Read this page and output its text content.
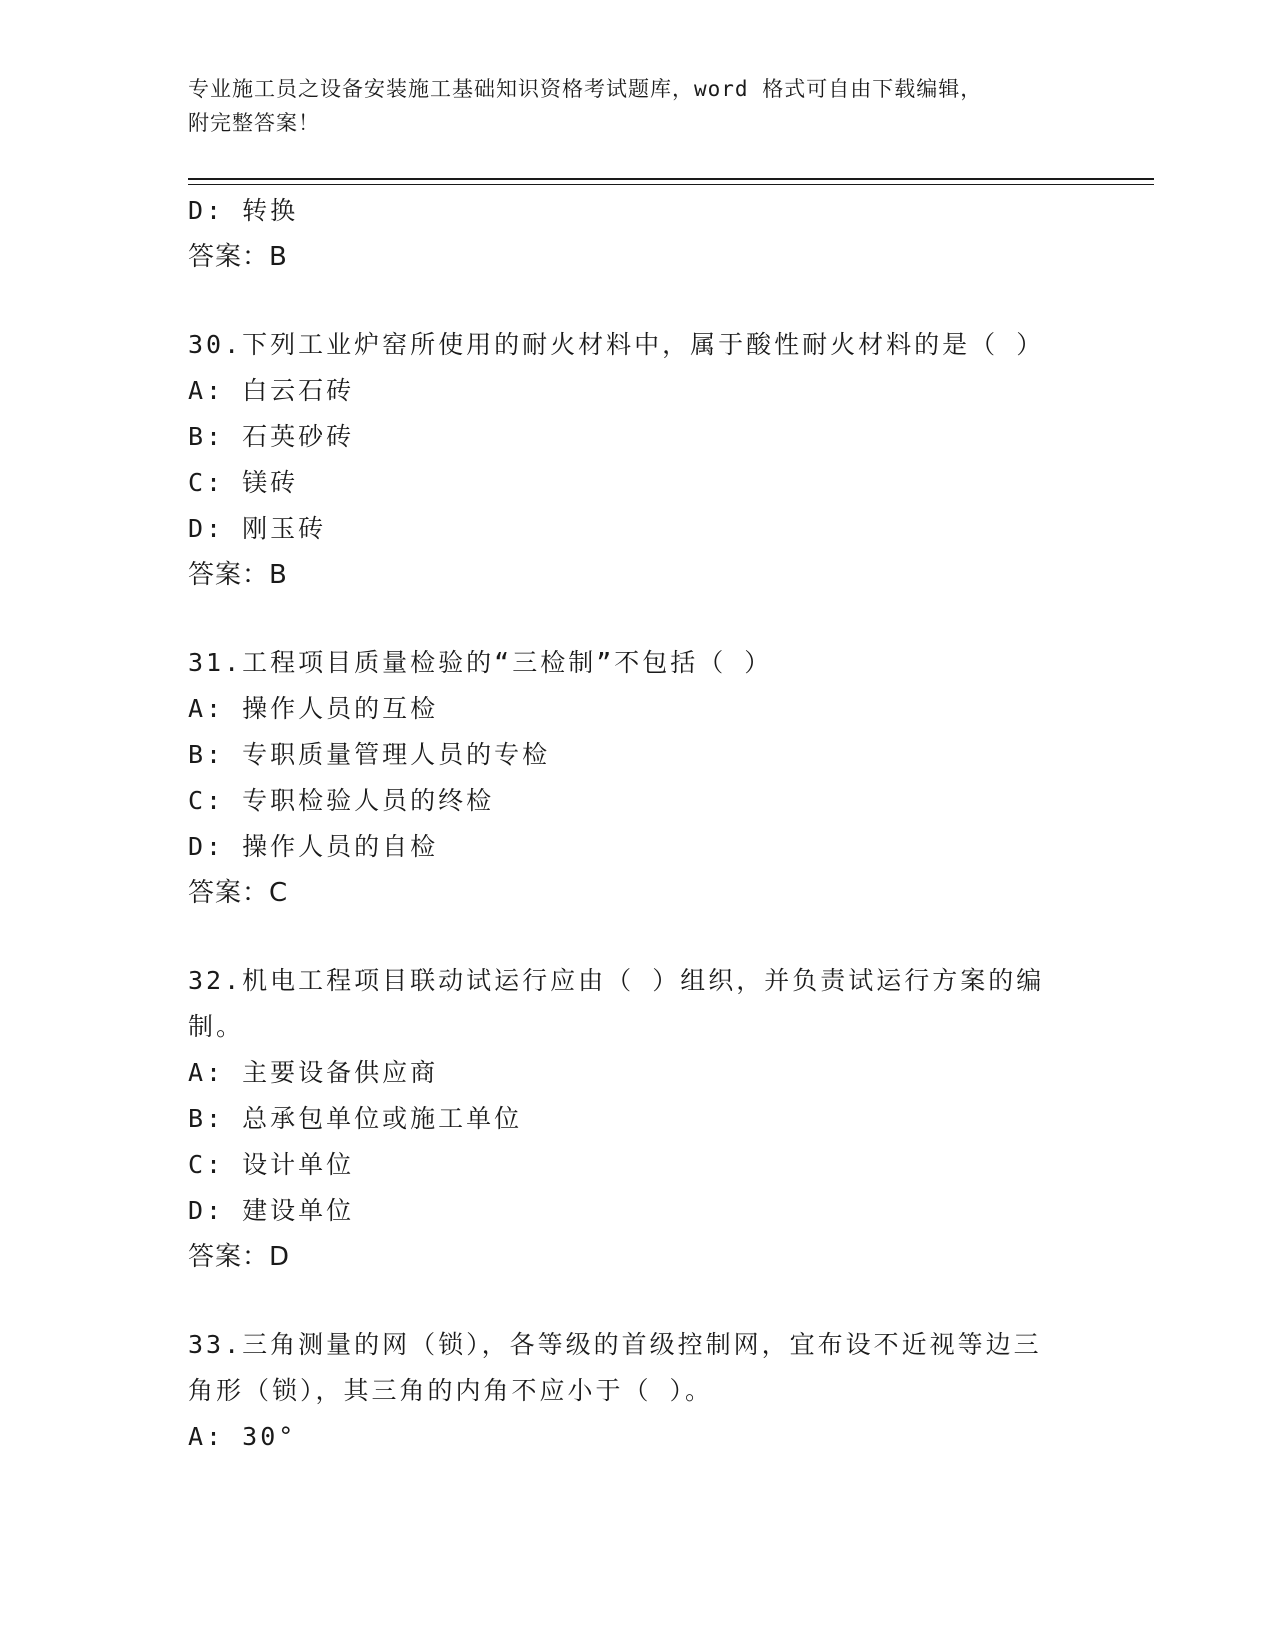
专业施工员之设备安装施工基础知识资格考试题库，word 格式可自由下载编辑，
附完整答案！
D: 转换
答案：B
30.下列工业炉窑所使用的耐火材料中，属于酸性耐火材料的是（ ）
A: 白云石砖
B: 石英砂砖
C: 镁砖
D: 刚玉砖
答案：B
31.工程项目质量检验的“三检制”不包括（ ）
A: 操作人员的互检
B: 专职质量管理人员的专检
C: 专职检验人员的终检
D: 操作人员的自检
答案：C
32.机电工程项目联动试运行应由（ ）组织，并负责试运行方案的编
制。
A: 主要设备供应商
B: 总承包单位或施工单位
C: 设计单位
D: 建设单位
答案：D
33.三角测量的网（锁），各等级的首级控制网，宜布设不近视等边三
角形（锁），其三角的内角不应小于（ ）。
A: 30°
